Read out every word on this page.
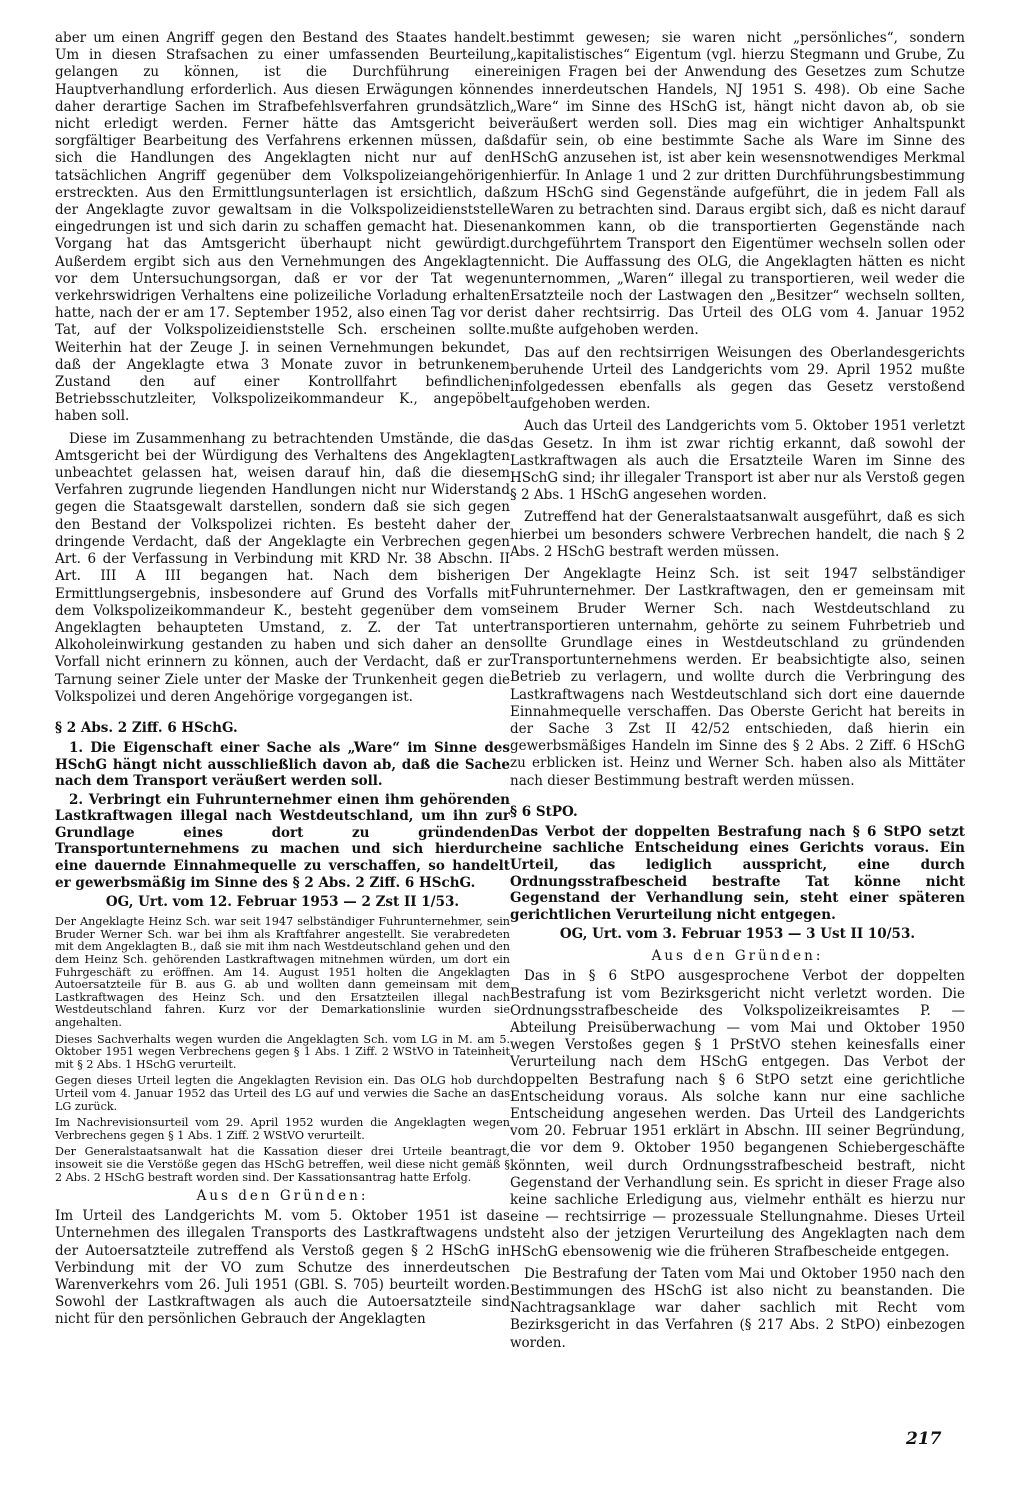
aber um einen Angriff gegen den Bestand des Staates handelt. Um in diesen Strafsachen zu einer umfassenden Beurteilung gelangen zu können, ist die Durchführung einer Hauptverhandlung erforderlich. Aus diesen Erwägungen können daher derartige Sachen im Strafbefehlsverfahren grundsätzlich nicht erledigt werden. Ferner hätte das Amtsgericht bei sorgfältiger Bearbeitung des Verfahrens erkennen müssen, daß sich die Handlungen des Angeklagten nicht nur auf den tatsächlichen Angriff gegenüber dem Volkspolizeiangehörigen erstreckten. Aus den Ermittlungsunterlagen ist ersichtlich, daß der Angeklagte zuvor gewaltsam in die Volkspolizeidienststelle eingedrungen ist und sich darin zu schaffen gemacht hat. Diesen Vorgang hat das Amtsgericht überhaupt nicht gewürdigt. Außerdem ergibt sich aus den Vernehmungen des Angeklagten vor dem Untersuchungsorgan, daß er vor der Tat wegen verkehrswidrigen Verhaltens eine polizeiliche Vorladung erhalten hatte, nach der er am 17. September 1952, also einen Tag vor der Tat, auf der Volkspolizeidienststelle Sch. erscheinen sollte. Weiterhin hat der Zeuge J. in seinen Vernehmungen bekundet, daß der Angeklagte etwa 3 Monate zuvor in betrunkenem Zustand den auf einer Kontrollfahrt befindlichen Betriebsschutzleiter, Volkspolizeikommandeur K., angepöbelt haben soll.

Diese im Zusammenhang zu betrachtenden Umstände, die das Amtsgericht bei der Würdigung des Verhaltens des Angeklagten unbeachtet gelassen hat, weisen darauf hin, daß die diesem Verfahren zugrunde liegenden Handlungen nicht nur Widerstand gegen die Staatsgewalt darstellen, sondern daß sie sich gegen den Bestand der Volkspolizei richten. Es besteht daher der dringende Verdacht, daß der Angeklagte ein Verbrechen gegen Art. 6 der Verfassung in Verbindung mit KRD Nr. 38 Abschn. II Art. III A III begangen hat. Nach dem bisherigen Ermittlungsergebnis, insbesondere auf Grund des Vorfalls mit dem Volkspolizeikommandeur K., besteht gegenüber dem vom Angeklagten behaupteten Umstand, z. Z. der Tat unter Alkoholeinwirkung gestanden zu haben und sich daher an den Vorfall nicht erinnern zu können, auch der Verdacht, daß er zur Tarnung seiner Ziele unter der Maske der Trunkenheit gegen die Volkspolizei und deren Angehörige vorgegangen ist.

§ 2 Abs. 2 Ziff. 6 HSchG.

1. Die Eigenschaft einer Sache als „Ware“ im Sinne des HSchG hängt nicht ausschließlich davon ab, daß die Sache nach dem Transport veräußert werden soll.

2. Verbringt ein Fuhrunternehmer einen ihm gehörenden Lastkraftwagen illegal nach Westdeutschland, um ihn zur Grundlage eines dort zu gründenden Transportunternehmens zu machen und sich hierdurch eine dauernde Einnahmequelle zu verschaffen, so handelt er gewerbsmäßig im Sinne des § 2 Abs. 2 Ziff. 6 HSchG.

OG, Urt. vom 12. Februar 1953 — 2 Zst II 1/53.

Der Angeklagte Heinz Sch. war seit 1947 selbständiger Fuhrunternehmer, sein Bruder Werner Sch. war bei ihm als Kraftfahrer angestellt. Sie verabredeten mit dem Angeklagten B., daß sie mit ihm nach Westdeutschland gehen und den dem Heinz Sch. gehörenden Lastkraftwagen mitnehmen würden, um dort ein Fuhrgeschäft zu eröffnen. Am 14. August 1951 holten die Angeklagten Autoersatzteile für B. aus G. ab und wollten dann gemeinsam mit dem Lastkraftwagen des Heinz Sch. und den Ersatzteilen illegal nach Westdeutschland fahren. Kurz vor der Demarkationslinie wurden sie angehalten.

Dieses Sachverhalts wegen wurden die Angeklagten Sch. vom LG in M. am 5. Oktober 1951 wegen Verbrechens gegen § 1 Abs. 1 Ziff. 2 WStVO in Tateinheit mit § 2 Abs. 1 HSchG verurteilt.

Gegen dieses Urteil legten die Angeklagten Revision ein. Das OLG hob durch Urteil vom 4. Januar 1952 das Urteil des LG auf und verwies die Sache an das LG zurück.

Im Nachrevisionsurteil vom 29. April 1952 wurden die Angeklagten wegen Verbrechens gegen § 1 Abs. 1 Ziff. 2 WStVO verurteilt.

Der Generalstaatsanwalt hat die Kassation dieser drei Urteile beantragt, insoweit sie die Verstöße gegen das HSchG betreffen, weil diese nicht gemäß § 2 Abs. 2 HSchG bestraft worden sind. Der Kassationsantrag hatte Erfolg.

Aus den Gründen:

Im Urteil des Landgerichts M. vom 5. Oktober 1951 ist das Unternehmen des illegalen Transports des Lastkraftwagens und der Autoersatzteile zutreffend als Verstoß gegen § 2 HSchG in Verbindung mit der VO zum Schutze des innerdeutschen Warenverkehrs vom 26. Juli 1951 (GBl. S. 705) beurteilt worden. Sowohl der Lastkraftwagen als auch die Autoersatzteile sind nicht für den persönlichen Gebrauch der Angeklagten

bestimmt gewesen; sie waren nicht „persönliches“, sondern „kapitalistisches“ Eigentum (vgl. hierzu Stegmann und Grube, Zu einigen Fragen bei der Anwendung des Gesetzes zum Schutze des innerdeutschen Handels, NJ 1951 S. 498). Ob eine Sache „Ware“ im Sinne des HSchG ist, hängt nicht davon ab, ob sie veräußert werden soll. Dies mag ein wichtiger Anhaltspunkt dafür sein, ob eine bestimmte Sache als Ware im Sinne des HSchG anzusehen ist, ist aber kein wesensnotwendiges Merkmal hierfür. In Anlage 1 und 2 zur dritten Durchführungsbestimmung zum HSchG sind Gegenstände aufgeführt, die in jedem Fall als Waren zu betrachten sind. Daraus ergibt sich, daß es nicht darauf ankommen kann, ob die transportierten Gegenstände nach durchgeführtem Transport den Eigentümer wechseln sollen oder nicht. Die Auffassung des OLG, die Angeklagten hätten es nicht unternommen, „Waren“ illegal zu transportieren, weil weder die Ersatzteile noch der Lastwagen den „Besitzer“ wechseln sollten, ist daher rechtsirrig. Das Urteil des OLG vom 4. Januar 1952 mußte aufgehoben werden.

Das auf den rechtsirrigen Weisungen des Oberlandesgerichts beruhende Urteil des Landgerichts vom 29. April 1952 mußte infolgedessen ebenfalls als gegen das Gesetz verstoßend aufgehoben werden.

Auch das Urteil des Landgerichts vom 5. Oktober 1951 verletzt das Gesetz. In ihm ist zwar richtig erkannt, daß sowohl der Lastkraftwagen als auch die Ersatzteile Waren im Sinne des HSchG sind; ihr illegaler Transport ist aber nur als Verstoß gegen § 2 Abs. 1 HSchG angesehen worden.

Zutreffend hat der Generalstaatsanwalt ausgeführt, daß es sich hierbei um besonders schwere Verbrechen handelt, die nach § 2 Abs. 2 HSchG bestraft werden müssen.

Der Angeklagte Heinz Sch. ist seit 1947 selbständiger Fuhrunternehmer. Der Lastkraftwagen, den er gemeinsam mit seinem Bruder Werner Sch. nach Westdeutschland zu transportieren unternahm, gehörte zu seinem Fuhrbetrieb und sollte Grundlage eines in Westdeutschland zu gründenden Transportunternehmens werden. Er beabsichtigte also, seinen Betrieb zu verlagern, und wollte durch die Verbringung des Lastkraftwagens nach Westdeutschland sich dort eine dauernde Einnahmequelle verschaffen. Das Oberste Gericht hat bereits in der Sache 3 Zst II 42/52 entschieden, daß hierin ein gewerbsmäßiges Handeln im Sinne des § 2 Abs. 2 Ziff. 6 HSchG zu erblicken ist. Heinz und Werner Sch. haben also als Mittäter nach dieser Bestimmung bestraft werden müssen.

§ 6 StPO.

Das Verbot der doppelten Bestrafung nach § 6 StPO setzt eine sachliche Entscheidung eines Gerichts voraus. Ein Urteil, das lediglich ausspricht, eine durch Ordnungsstrafbescheid bestrafte Tat könne nicht Gegenstand der Verhandlung sein, steht einer späteren gerichtlichen Verurteilung nicht entgegen.

OG, Urt. vom 3. Februar 1953 — 3 Ust II 10/53.
Aus den Gründen:

Das in § 6 StPO ausgesprochene Verbot der doppelten Bestrafung ist vom Bezirksgericht nicht verletzt worden. Die Ordnungsstrafbescheide des Volkspolizeikreisamtes P. — Abteilung Preisüberwachung — vom Mai und Oktober 1950 wegen Verstoßes gegen § 1 PrStVO stehen keinesfalls einer Verurteilung nach dem HSchG entgegen. Das Verbot der doppelten Bestrafung nach § 6 StPO setzt eine gerichtliche Entscheidung voraus. Als solche kann nur eine sachliche Entscheidung angesehen werden. Das Urteil des Landgerichts vom 20. Februar 1951 erklärt in Abschn. III seiner Begründung, die vor dem 9. Oktober 1950 begangenen Schiebergeschäfte könnten, weil durch Ordnungsstrafbescheid bestraft, nicht Gegenstand der Verhandlung sein. Es spricht in dieser Frage also keine sachliche Erledigung aus, vielmehr enthält es hierzu nur eine — rechtsirrige — prozessuale Stellungnahme. Dieses Urteil steht also der jetzigen Verurteilung des Angeklagten nach dem HSchG ebensowenig wie die früheren Strafbescheide entgegen.

Die Bestrafung der Taten vom Mai und Oktober 1950 nach den Bestimmungen des HSchG ist also nicht zu beanstanden. Die Nachtragsanklage war daher sachlich mit Recht vom Bezirksgericht in das Verfahren (§ 217 Abs. 2 StPO) einbezogen worden.

217
